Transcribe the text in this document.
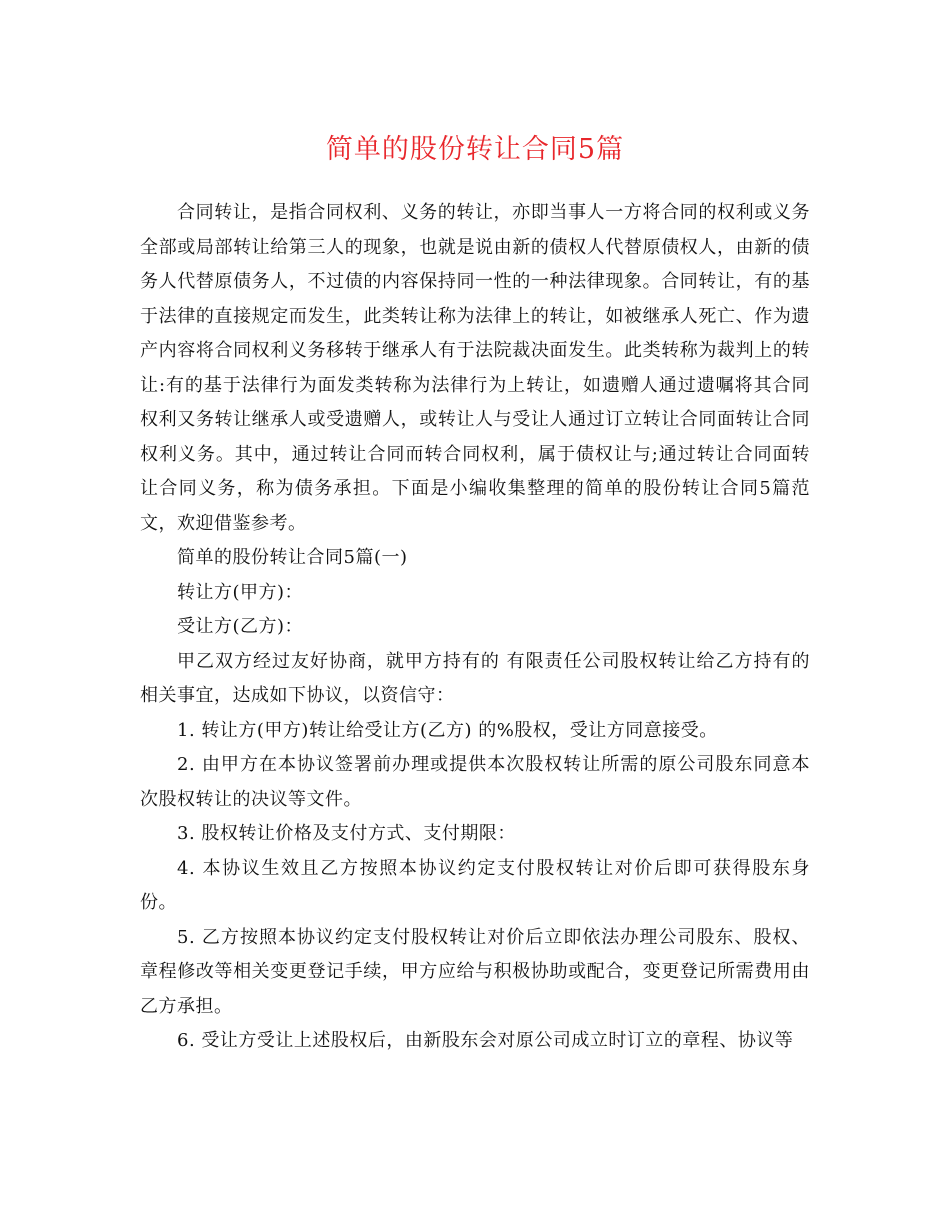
简单的股份转让合同5篇

合同转让，是指合同权利、义务的转让，亦即当事人一方将合同的权利或义务全部或局部转让给第三人的现象，也就是说由新的债权人代替原债权人，由新的债务人代替原债务人，不过债的内容保持同一性的一种法律现象。合同转让，有的基于法律的直接规定而发生，此类转让称为法律上的转让，如被继承人死亡、作为遗产内容将合同权利义务移转于继承人有于法院裁决面发生。此类转称为裁判上的转让:有的基于法律行为面发类转称为法律行为上转让，如遗赠人通过遗嘱将其合同权利又务转让继承人或受遗赠人，或转让人与受让人通过订立转让合同面转让合同权利义务。其中，通过转让合同而转合同权利，属于债权让与;通过转让合同面转让合同义务，称为债务承担。下面是小编收集整理的简单的股份转让合同5篇范文，欢迎借鉴参考。

简单的股份转让合同5篇(一)

转让方(甲方)：

受让方(乙方)：

甲乙双方经过友好协商，就甲方持有的 有限责任公司股权转让给乙方持有的相关事宜，达成如下协议，以资信守：

1. 转让方(甲方)转让给受让方(乙方) 的%股权，受让方同意接受。

2. 由甲方在本协议签署前办理或提供本次股权转让所需的原公司股东同意本次股权转让的决议等文件。

3. 股权转让价格及支付方式、支付期限：

4. 本协议生效且乙方按照本协议约定支付股权转让对价后即可获得股东身份。

5. 乙方按照本协议约定支付股权转让对价后立即依法办理公司股东、股权、章程修改等相关变更登记手续，甲方应给与积极协助或配合，变更登记所需费用由乙方承担。

6. 受让方受让上述股权后，由新股东会对原公司成立时订立的章程、协议等
